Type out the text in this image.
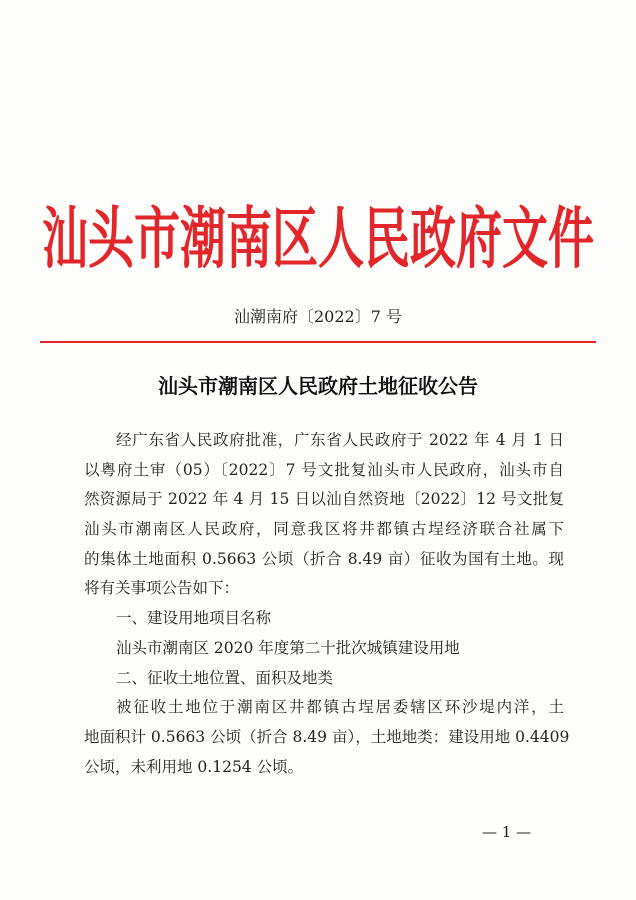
汕头市潮南区人民政府文件
汕潮南府〔2022〕7 号
汕头市潮南区人民政府土地征收公告
经广东省人民政府批准，广东省人民政府于 2022 年 4 月 1 日
以粤府土审（05）〔2022〕7 号文批复汕头市人民政府，汕头市自
然资源局于 2022 年 4 月 15 日以汕自然资地〔2022〕12 号文批复
汕头市潮南区人民政府，同意我区将井都镇古埕经济联合社属下
的集体土地面积 0.5663 公顷（折合 8.49 亩）征收为国有土地。现
将有关事项公告如下：
一、建设用地项目名称
汕头市潮南区 2020 年度第二十批次城镇建设用地
二、征收土地位置、面积及地类
被征收土地位于潮南区井都镇古埕居委辖区环沙堤内洋，土
地面积计 0.5663 公顷（折合 8.49 亩），土地地类：建设用地 0.4409
公顷，未利用地 0.1254 公顷。
— 1 —
